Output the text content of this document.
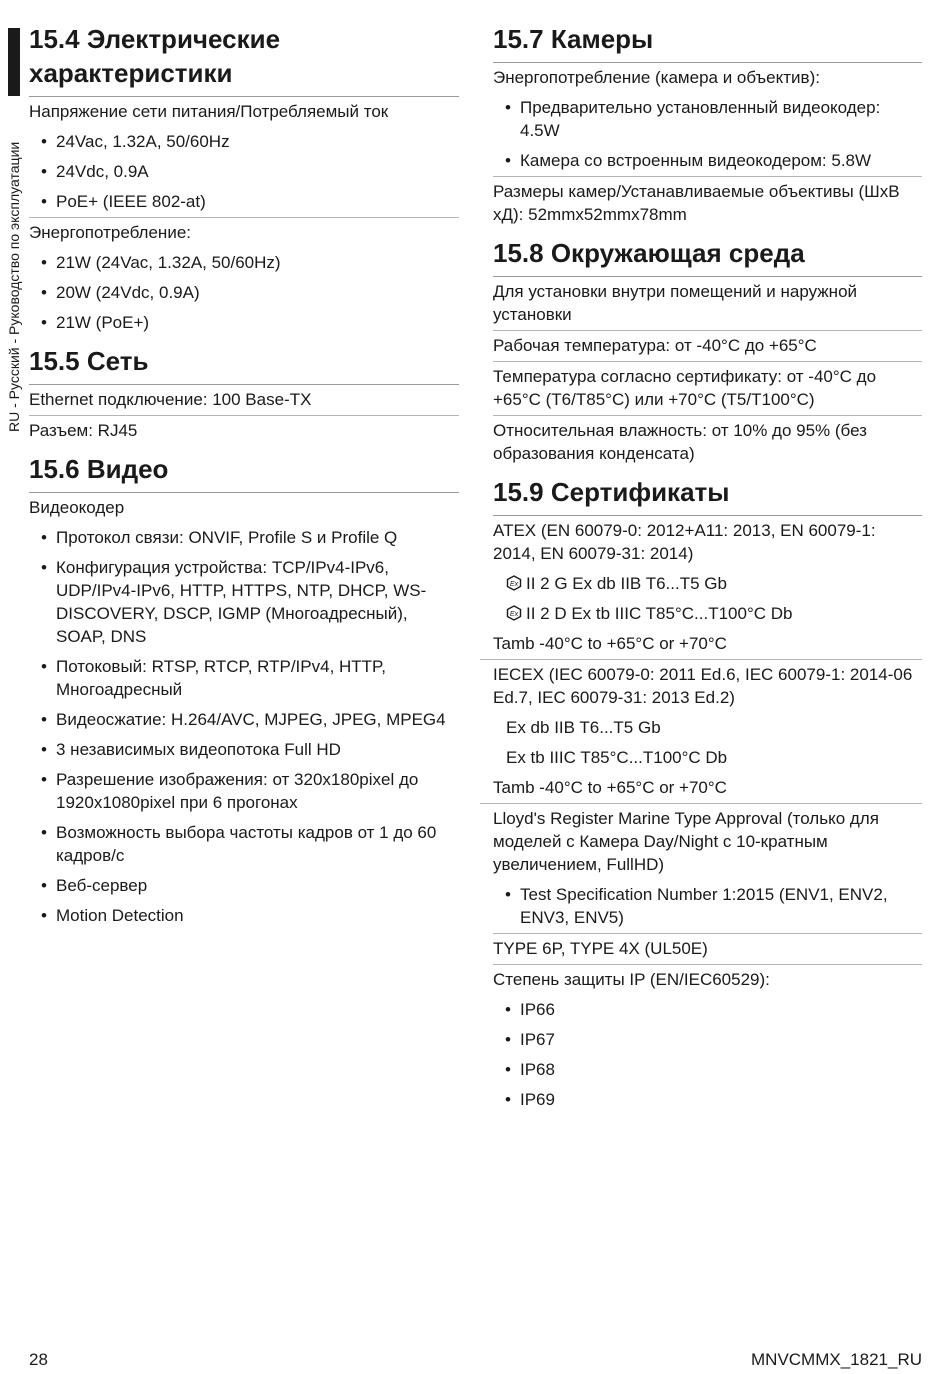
RU - Русский - Руководство по эксплуатации
15.4 Электрические характеристики
Напряжение сети питания/Потребляемый ток
• 24Vac, 1.32A, 50/60Hz
• 24Vdc, 0.9A
• PoE+ (IEEE 802-at)
Энергопотребление:
• 21W (24Vac, 1.32A, 50/60Hz)
• 20W (24Vdc, 0.9A)
• 21W (PoE+)
15.5 Сеть
Ethernet подключение: 100 Base-TX
Разъем: RJ45
15.6 Видео
Видеокодер
• Протокол связи: ONVIF, Profile S и Profile Q
• Конфигурация устройства: TCP/IPv4-IPv6, UDP/IPv4-IPv6, HTTP, HTTPS, NTP, DHCP, WS-DISCOVERY, DSCP, IGMP (Многоадресный), SOAP, DNS
• Потоковый: RTSP, RTCP, RTP/IPv4, HTTP, Многоадресный
• Видеосжатие: H.264/AVC, MJPEG, JPEG, MPEG4
• 3 независимых видеопотока Full HD
• Разрешение изображения: от 320x180pixel до 1920x1080pixel при 6 прогонах
• Возможность выбора частоты кадров от 1 до 60 кадров/с
• Веб-сервер
• Motion Detection
15.7 Камеры
Энергопотребление (камера и объектив):
• Предварительно установленный видеокодер: 4.5W
• Камера со встроенным видеокодером: 5.8W
Размеры камер/Устанавливаемые объективы (ШхВ хД): 52mmx52mmx78mm
15.8 Окружающая среда
Для установки внутри помещений и наружной установки
Рабочая температура: от -40°C до +65°C
Температура согласно сертификату: от -40°C до +65°C (T6/T85°C) или +70°C (T5/T100°C)
Относительная влажность: от 10% до 95% (без образования конденсата)
15.9 Сертификаты
ATEX (EN 60079-0: 2012+A11: 2013, EN 60079-1: 2014, EN 60079-31: 2014)
Ex II 2 G Ex db IIB T6...T5 Gb
Ex II 2 D Ex tb IIIC T85°C...T100°C Db
Tamb -40°C to +65°C or +70°C
IECEX (IEC 60079-0: 2011 Ed.6, IEC 60079-1: 2014-06 Ed.7, IEC 60079-31: 2013 Ed.2)
Ex db IIB T6...T5 Gb
Ex tb IIIC T85°C...T100°C Db
Tamb -40°C to +65°C or +70°C
Lloyd's Register Marine Type Approval (только для моделей с Камера Day/Night с 10-кратным увеличением, FullHD)
• Test Specification Number 1:2015 (ENV1, ENV2, ENV3, ENV5)
TYPE 6P, TYPE 4X (UL50E)
Степень защиты IP (EN/IEC60529):
• IP66
• IP67
• IP68
• IP69
28	MNVCMMX_1821_RU
